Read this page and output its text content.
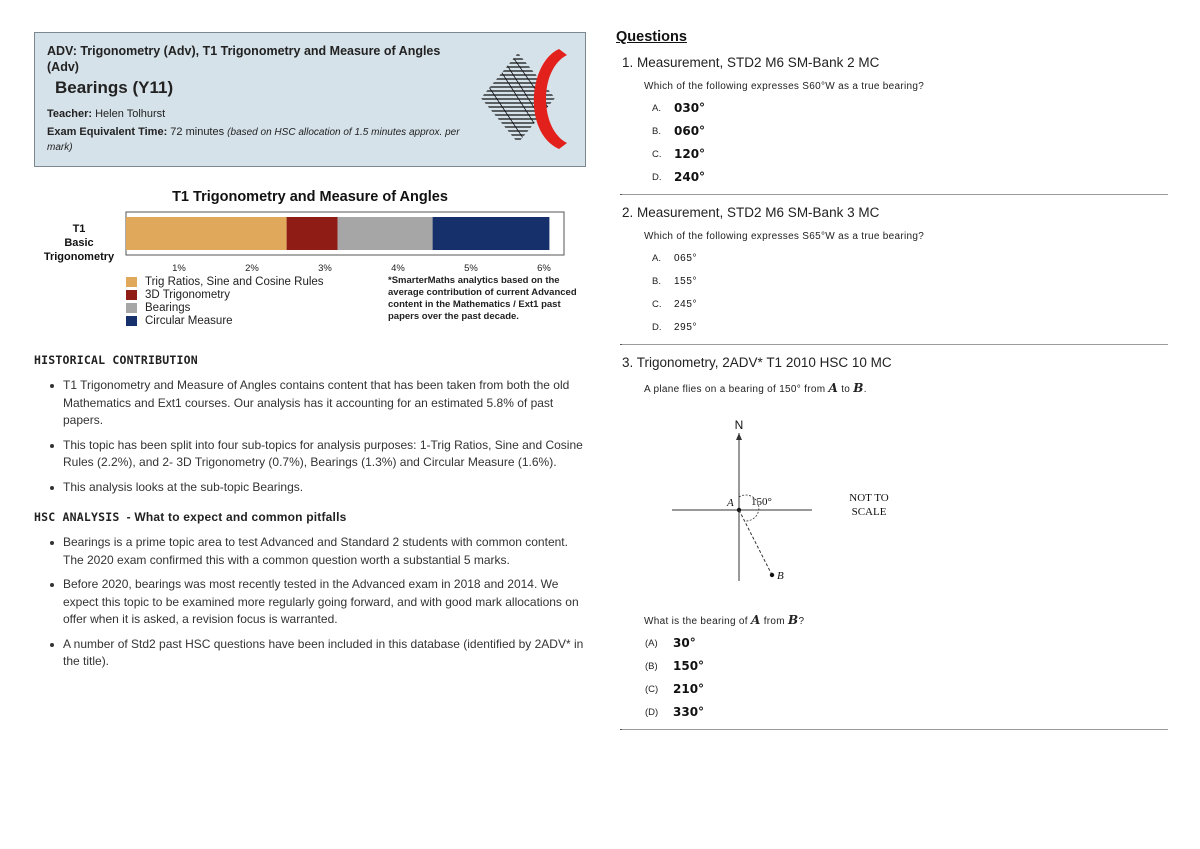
ADV: Trigonometry (Adv), T1 Trigonometry and Measure of Angles (Adv)
Bearings (Y11)
Teacher: Helen Tolhurst
Exam Equivalent Time: 72 minutes (based on HSC allocation of 1.5 minutes approx. per mark)
T1 Trigonometry and Measure of Angles
T1
Basic
Trigonometry
1%	2%	3%	4%	5%	6%
Trig Ratios, Sine and Cosine Rules
3D Trigonometry
Bearings
Circular Measure
*SmarterMaths analytics based on the average contribution of current Advanced content in the Mathematics / Ext1 past papers over the past decade.
HISTORICAL CONTRIBUTION
T1 Trigonometry and Measure of Angles contains content that has been taken from both the old Mathematics and Ext1 courses. Our analysis has it accounting for an estimated 5.8% of past papers.
This topic has been split into four sub-topics for analysis purposes: 1-Trig Ratios, Sine and Cosine Rules (2.2%), and 2- 3D Trigonometry (0.7%), Bearings (1.3%) and Circular Measure (1.6%).
This analysis looks at the sub-topic Bearings.
HSC ANALYSIS - What to expect and common pitfalls
Bearings is a prime topic area to test Advanced and Standard 2 students with common content. The 2020 exam confirmed this with a common question worth a substantial 5 marks.
Before 2020, bearings was most recently tested in the Advanced exam in 2018 and 2014. We expect this topic to be examined more regularly going forward, and with good mark allocations on offer when it is asked, a revision focus is warranted.
A number of Std2 past HSC questions have been included in this database (identified by 2ADV* in the title).
Questions
1. Measurement, STD2 M6 SM-Bank 2 MC
Which of the following expresses S60°W as a true bearing?
A.	030°
B.	060°
C.	120°
D.	240°
2. Measurement, STD2 M6 SM-Bank 3 MC
Which of the following expresses S65°W as a true bearing?
A.	065°
B.	155°
C.	245°
D.	295°
3. Trigonometry, 2ADV* T1 2010 HSC 10 MC
A plane flies on a bearing of 150° from A to B.
N
A 150°
B
NOT TO
SCALE
What is the bearing of A from B?
(A)	30°
(B)	150°
(C)	210°
(D)	330°
